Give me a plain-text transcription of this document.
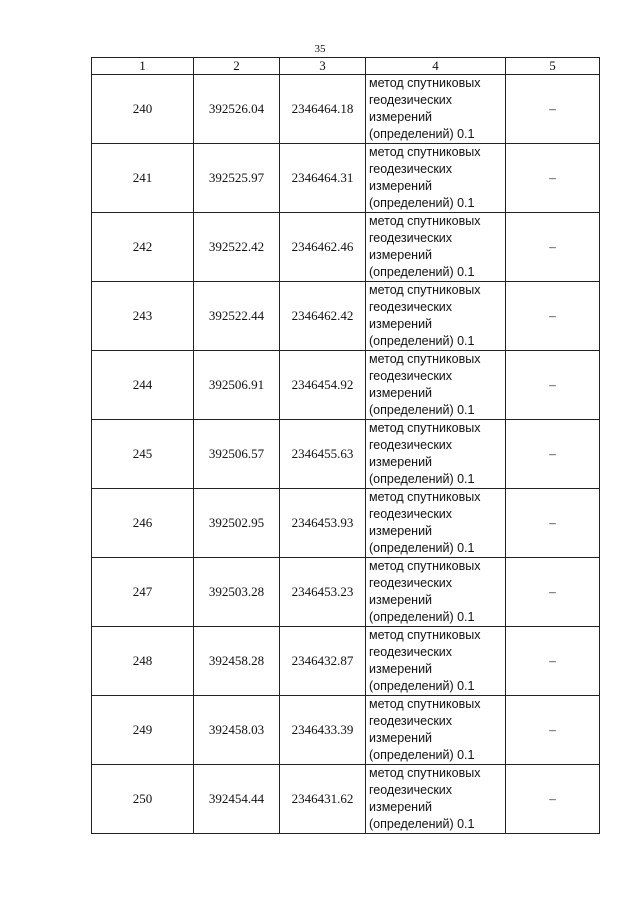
35
1	2	3	4	5
240	392526.04	2346464.18	метод спутниковых
геодезических
измерений
(определений) 0.1	–
241	392525.97	2346464.31	метод спутниковых
геодезических
измерений
(определений) 0.1	–
242	392522.42	2346462.46	метод спутниковых
геодезических
измерений
(определений) 0.1	–
243	392522.44	2346462.42	метод спутниковых
геодезических
измерений
(определений) 0.1	–
244	392506.91	2346454.92	метод спутниковых
геодезических
измерений
(определений) 0.1	–
245	392506.57	2346455.63	метод спутниковых
геодезических
измерений
(определений) 0.1	–
246	392502.95	2346453.93	метод спутниковых
геодезических
измерений
(определений) 0.1	–
247	392503.28	2346453.23	метод спутниковых
геодезических
измерений
(определений) 0.1	–
248	392458.28	2346432.87	метод спутниковых
геодезических
измерений
(определений) 0.1	–
249	392458.03	2346433.39	метод спутниковых
геодезических
измерений
(определений) 0.1	–
250	392454.44	2346431.62	метод спутниковых
геодезических
измерений
(определений) 0.1	–
